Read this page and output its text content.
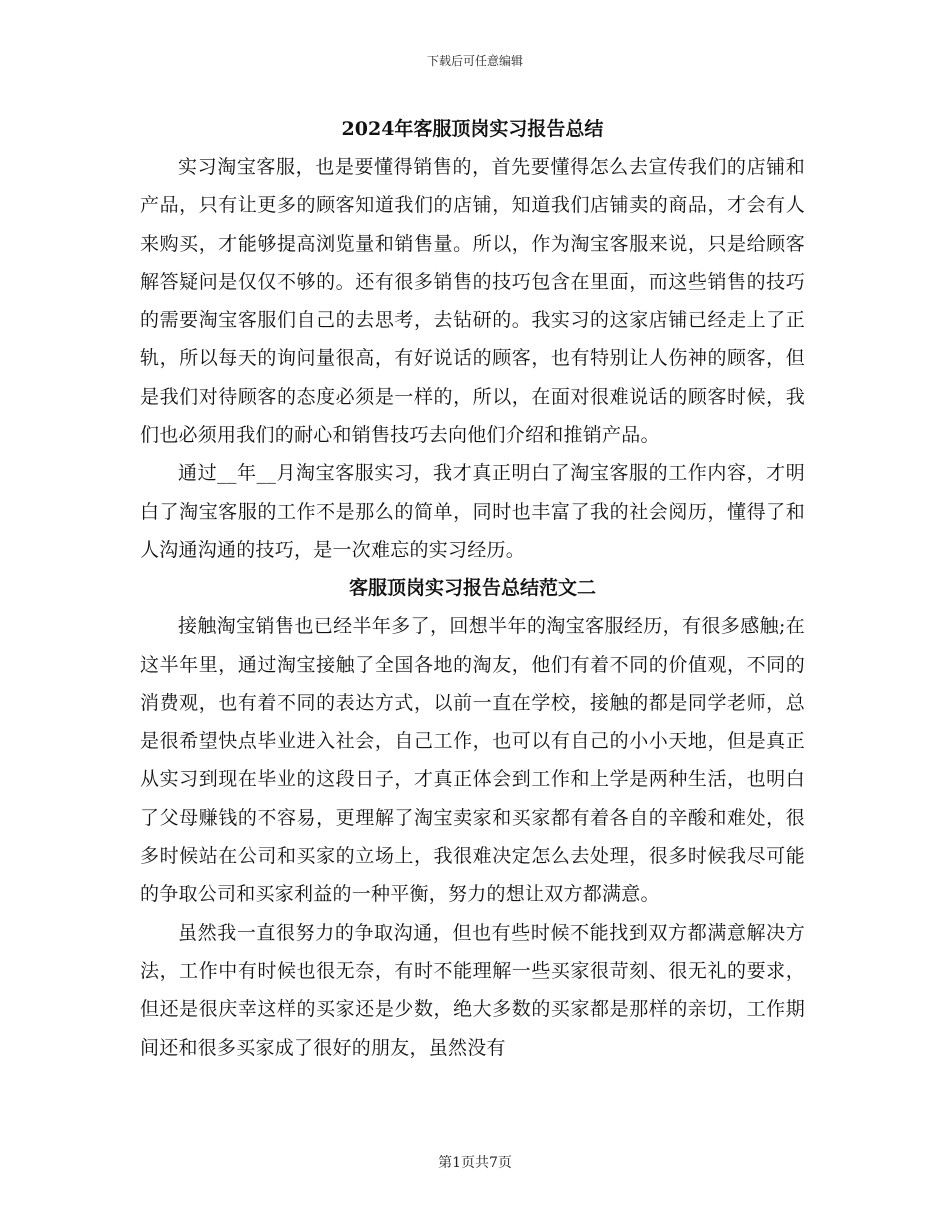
下载后可任意编辑
2024年客服顶岗实习报告总结

实习淘宝客服，也是要懂得销售的，首先要懂得怎么去宣传我们的店铺和产品，只有让更多的顾客知道我们的店铺，知道我们店铺卖的商品，才会有人来购买，才能够提高浏览量和销售量。所以，作为淘宝客服来说，只是给顾客解答疑问是仅仅不够的。还有很多销售的技巧包含在里面，而这些销售的技巧的需要淘宝客服们自己的去思考，去钻研的。我实习的这家店铺已经走上了正轨，所以每天的询问量很高，有好说话的顾客，也有特别让人伤神的顾客，但是我们对待顾客的态度必须是一样的，所以，在面对很难说话的顾客时候，我们也必须用我们的耐心和销售技巧去向他们介绍和推销产品。

通过__年__月淘宝客服实习，我才真正明白了淘宝客服的工作内容，才明白了淘宝客服的工作不是那么的简单，同时也丰富了我的社会阅历，懂得了和人沟通沟通的技巧，是一次难忘的实习经历。

客服顶岗实习报告总结范文二

接触淘宝销售也已经半年多了，回想半年的淘宝客服经历，有很多感触;在这半年里，通过淘宝接触了全国各地的淘友，他们有着不同的价值观，不同的消费观，也有着不同的表达方式，以前一直在学校，接触的都是同学老师，总是很希望快点毕业进入社会，自己工作，也可以有自己的小小天地，但是真正从实习到现在毕业的这段日子，才真正体会到工作和上学是两种生活，也明白了父母赚钱的不容易，更理解了淘宝卖家和买家都有着各自的辛酸和难处，很多时候站在公司和买家的立场上，我很难决定怎么去处理，很多时候我尽可能的争取公司和买家利益的一种平衡，努力的想让双方都满意。

虽然我一直很努力的争取沟通，但也有些时候不能找到双方都满意解决方法，工作中有时候也很无奈，有时不能理解一些买家很苛刻、很无礼的要求，但还是很庆幸这样的买家还是少数，绝大多数的买家都是那样的亲切，工作期间还和很多买家成了很好的朋友，虽然没有

第1页共7页
